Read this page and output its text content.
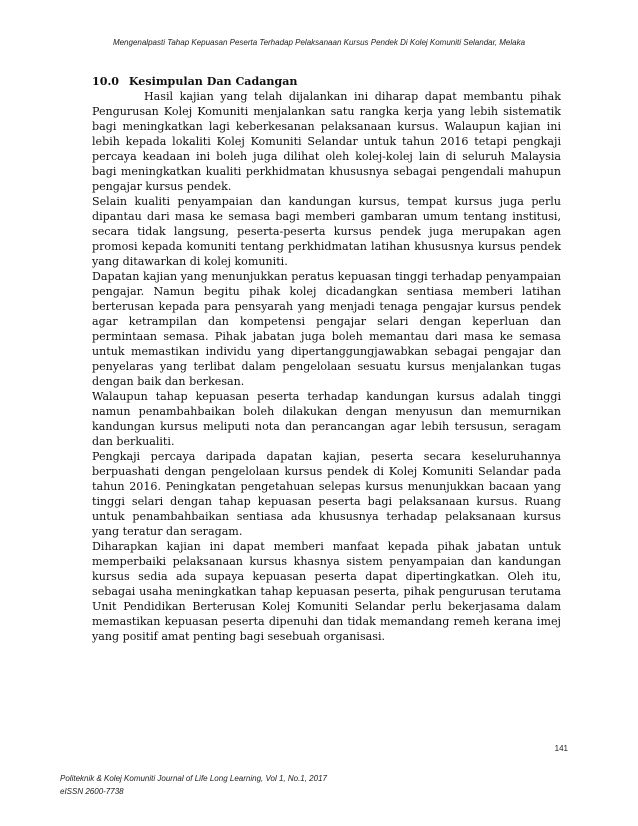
Mengenalpasti Tahap Kepuasan Peserta Terhadap Pelaksanaan Kursus Pendek Di Kolej Komuniti Selandar, Melaka

10.0 Kesimpulan Dan Cadangan

Hasil kajian yang telah dijalankan ini diharap dapat membantu pihak Pengurusan Kolej Komuniti menjalankan satu rangka kerja yang lebih sistematik bagi meningkatkan lagi keberkesanan pelaksanaan kursus. Walaupun kajian ini lebih kepada lokaliti Kolej Komuniti Selandar untuk tahun 2016 tetapi pengkaji percaya keadaan ini boleh juga dilihat oleh kolej-kolej lain di seluruh Malaysia bagi meningkatkan kualiti perkhidmatan khususnya sebagai pengendali mahupun pengajar kursus pendek.

Selain kualiti penyampaian dan kandungan kursus, tempat kursus juga perlu dipantau dari masa ke semasa bagi memberi gambaran umum tentang institusi, secara tidak langsung, peserta-peserta kursus pendek juga merupakan agen promosi kepada komuniti tentang perkhidmatan latihan khususnya kursus pendek yang ditawarkan di kolej komuniti.

Dapatan kajian yang menunjukkan peratus kepuasan tinggi terhadap penyampaian pengajar. Namun begitu pihak kolej dicadangkan sentiasa memberi latihan berterusan kepada para pensyarah yang menjadi tenaga pengajar kursus pendek agar ketrampilan dan kompetensi pengajar selari dengan keperluan dan permintaan semasa. Pihak jabatan juga boleh memantau dari masa ke semasa untuk memastikan individu yang dipertanggungjawabkan sebagai pengajar dan penyelaras yang terlibat dalam pengelolaan sesuatu kursus menjalankan tugas dengan baik dan berkesan.

Walaupun tahap kepuasan peserta terhadap kandungan kursus adalah tinggi namun penambahbaikan boleh dilakukan dengan menyusun dan memurnikan kandungan kursus meliputi nota dan perancangan agar lebih tersusun, seragam dan berkualiti.

Pengkaji percaya daripada dapatan kajian, peserta secara keseluruhannya berpuashati dengan pengelolaan kursus pendek di Kolej Komuniti Selandar pada tahun 2016. Peningkatan pengetahuan selepas kursus menunjukkan bacaan yang tinggi selari dengan tahap kepuasan peserta bagi pelaksanaan kursus. Ruang untuk penambahbaikan sentiasa ada khususnya terhadap pelaksanaan kursus yang teratur dan seragam.

Diharapkan kajian ini dapat memberi manfaat kepada pihak jabatan untuk memperbaiki pelaksanaan kursus khasnya sistem penyampaian dan kandungan kursus sedia ada supaya kepuasan peserta dapat dipertingkatkan. Oleh itu, sebagai usaha meningkatkan tahap kepuasan peserta, pihak pengurusan terutama Unit Pendidikan Berterusan Kolej Komuniti Selandar perlu bekerjasama dalam memastikan kepuasan peserta dipenuhi dan tidak memandang remeh kerana imej yang positif amat penting bagi sesebuah organisasi.

141
Politeknik & Kolej Komuniti Journal of Life Long Learning, Vol 1, No.1, 2017
eISSN 2600-7738
